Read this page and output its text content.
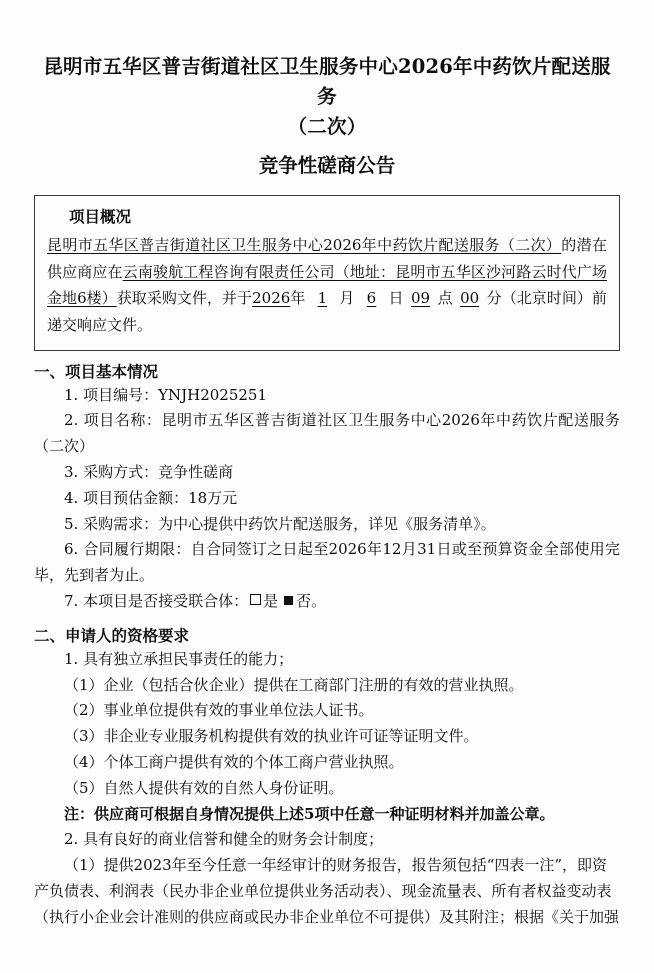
昆明市五华区普吉街道社区卫生服务中心2026年中药饮片配送服务
（二次）
竞争性磋商公告
项目概况
昆明市五华区普吉街道社区卫生服务中心2026年中药饮片配送服务（二次）的潜在供应商应在云南骏航工程咨询有限责任公司（地址：昆明市五华区沙河路云时代广场金地6楼）获取采购文件，并于2026年 1 月 6 日 09 点 00 分（北京时间）前递交响应文件。
一、项目基本情况

1. 项目编号：YNJH2025251

2. 项目名称：昆明市五华区普吉街道社区卫生服务中心2026年中药饮片配送服务（二次）

3. 采购方式：竞争性磋商

4. 项目预估金额：18万元

5. 采购需求：为中心提供中药饮片配送服务，详见《服务清单》。

6. 合同履行期限：自合同签订之日起至2026年12月31日或至预算资金全部使用完毕，先到者为止。

7. 本项目是否接受联合体： 是 否。

二、申请人的资格要求

1. 具有独立承担民事责任的能力；

（1）企业（包括合伙企业）提供在工商部门注册的有效的营业执照。

（2）事业单位提供有效的事业单位法人证书。

（3）非企业专业服务机构提供有效的执业许可证等证明文件。

（4）个体工商户提供有效的个体工商户营业执照。

（5）自然人提供有效的自然人身份证明。

注：供应商可根据自身情况提供上述5项中任意一种证明材料并加盖公章。

2. 具有良好的商业信誉和健全的财务会计制度；

（1）提供2023年至今任意一年经审计的财务报告，报告须包括“四表一注”，即资

产负债表、利润表（民办非企业单位提供业务活动表）、现金流量表、所有者权益变动表

（执行小企业会计准则的供应商或民办非企业单位不可提供）及其附注；根据《关于加强
